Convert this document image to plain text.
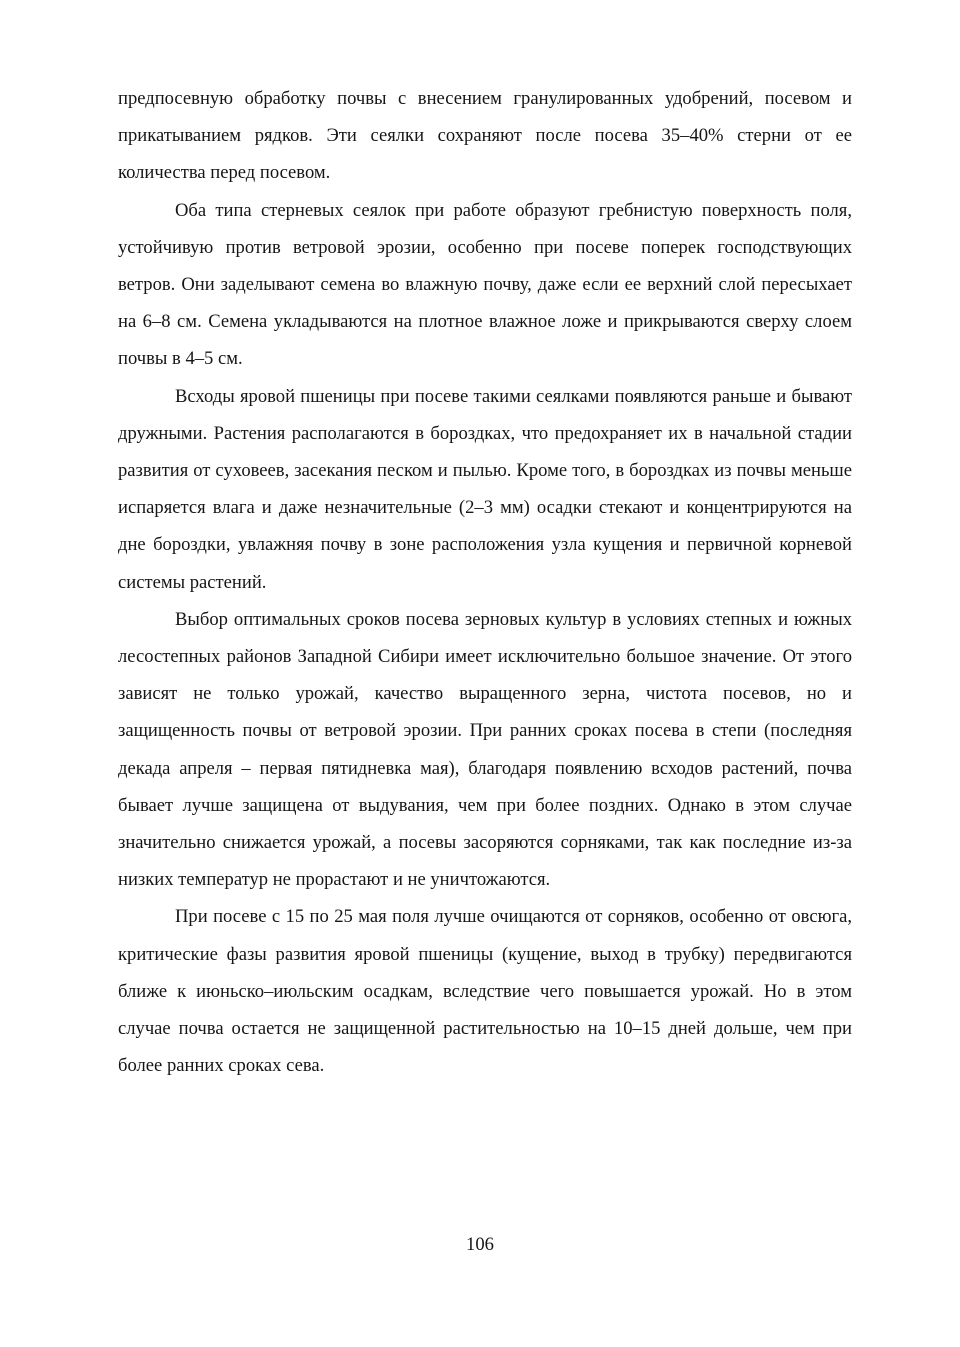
предпосевную обработку почвы с внесением гранулированных удобрений, посевом и прикатыванием рядков. Эти сеялки сохраняют после посева 35–40% стерни от ее количества перед посевом.

Оба типа стерневых сеялок при работе образуют гребнистую поверхность поля, устойчивую против ветровой эрозии, особенно при посеве поперек господствующих ветров. Они заделывают семена во влажную почву, даже если ее верхний слой пересыхает на 6–8 см. Семена укладываются на плотное влажное ложе и прикрываются сверху слоем почвы в 4–5 см.

Всходы яровой пшеницы при посеве такими сеялками появляются раньше и бывают дружными. Растения располагаются в бороздках, что предохраняет их в начальной стадии развития от суховеев, засекания песком и пылью. Кроме того, в бороздках из почвы меньше испаряется влага и даже незначительные (2–3 мм) осадки стекают и концентрируются на дне бороздки, увлажняя почву в зоне расположения узла кущения и первичной корневой системы растений.

Выбор оптимальных сроков посева зерновых культур в условиях степных и южных лесостепных районов Западной Сибири имеет исключительно большое значение. От этого зависят не только урожай, качество выращенного зерна, чистота посевов, но и защищенность почвы от ветровой эрозии. При ранних сроках посева в степи (последняя декада апреля – первая пятидневка мая), благодаря появлению всходов растений, почва бывает лучше защищена от выдувания, чем при более поздних. Однако в этом случае значительно снижается урожай, а посевы засоряются сорняками, так как последние из-за низких температур не прорастают и не уничтожаются.

При посеве с 15 по 25 мая поля лучше очищаются от сорняков, особенно от овсюга, критические фазы развития яровой пшеницы (кущение, выход в трубку) передвигаются ближе к июньско–июльским осадкам, вследствие чего повышается урожай. Но в этом случае почва остается не защищенной растительностью на 10–15 дней дольше, чем при более ранних сроках сева.

106
